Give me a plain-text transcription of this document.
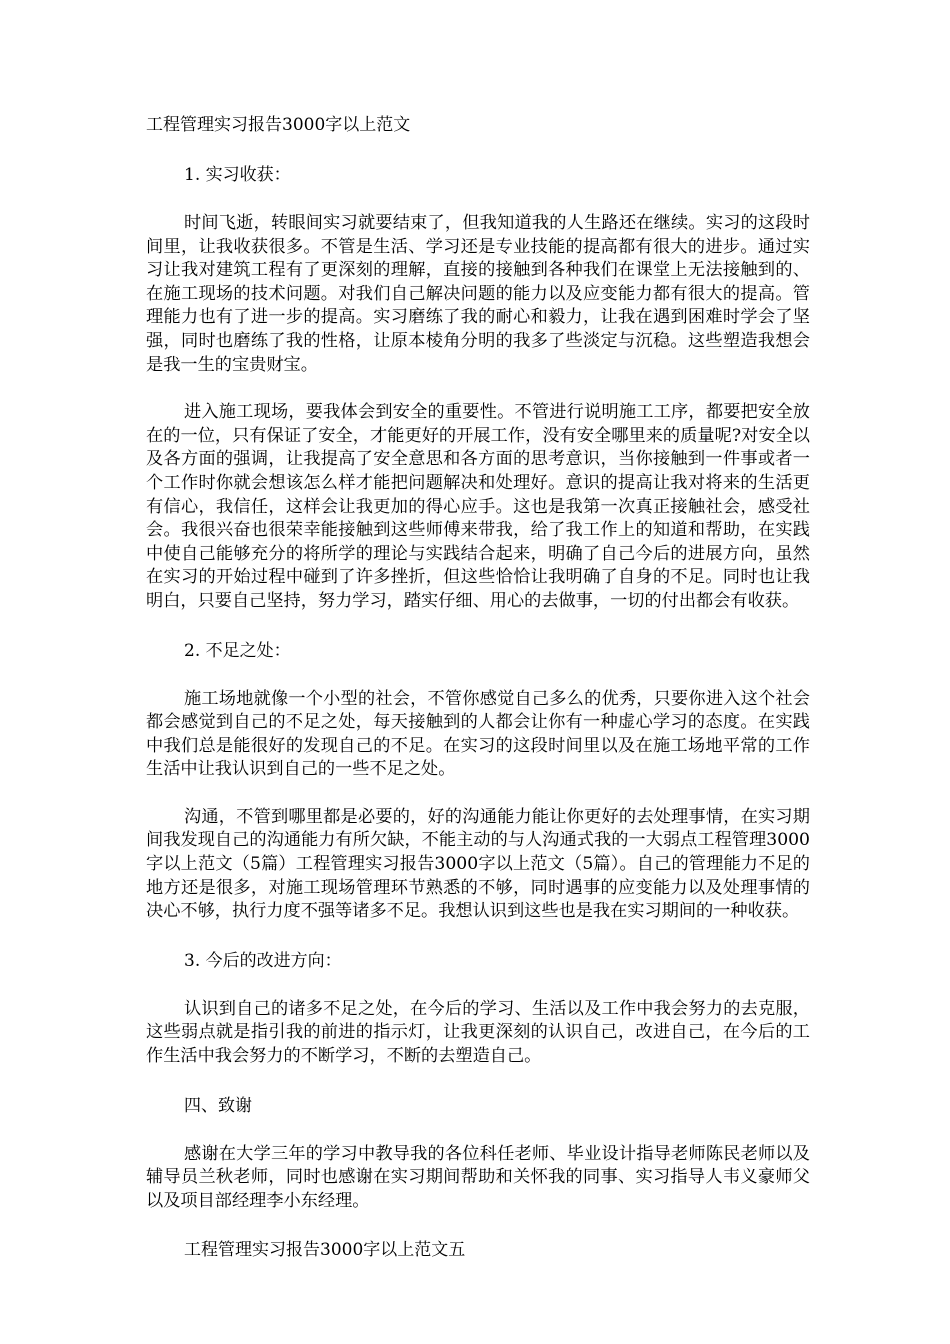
工程管理实习报告3000字以上范文
1. 实习收获：

时间飞逝，转眼间实习就要结束了，但我知道我的人生路还在继续。实习的这段时间里，让我收获很多。不管是生活、学习还是专业技能的提高都有很大的进步。通过实习让我对建筑工程有了更深刻的理解，直接的接触到各种我们在课堂上无法接触到的、在施工现场的技术问题。对我们自己解决问题的能力以及应变能力都有很大的提高。管理能力也有了进一步的提高。实习磨练了我的耐心和毅力，让我在遇到困难时学会了坚强，同时也磨练了我的性格，让原本棱角分明的我多了些淡定与沉稳。这些塑造我想会是我一生的宝贵财宝。

进入施工现场，要我体会到安全的重要性。不管进行说明施工工序，都要把安全放在的一位，只有保证了安全，才能更好的开展工作，没有安全哪里来的质量呢?对安全以及各方面的强调，让我提高了安全意思和各方面的思考意识，当你接触到一件事或者一个工作时你就会想该怎么样才能把问题解决和处理好。意识的提高让我对将来的生活更有信心，我信任，这样会让我更加的得心应手。这也是我第一次真正接触社会，感受社会。我很兴奋也很荣幸能接触到这些师傅来带我，给了我工作上的知道和帮助，在实践中使自己能够充分的将所学的理论与实践结合起来，明确了自己今后的进展方向，虽然在实习的开始过程中碰到了许多挫折，但这些恰恰让我明确了自身的不足。同时也让我明白，只要自己坚持，努力学习，踏实仔细、用心的去做事，一切的付出都会有收获。

2. 不足之处：

施工场地就像一个小型的社会，不管你感觉自己多么的优秀，只要你进入这个社会都会感觉到自己的不足之处，每天接触到的人都会让你有一种虚心学习的态度。在实践中我们总是能很好的发现自己的不足。在实习的这段时间里以及在施工场地平常的工作生活中让我认识到自己的一些不足之处。

沟通，不管到哪里都是必要的，好的沟通能力能让你更好的去处理事情，在实习期间我发现自己的沟通能力有所欠缺，不能主动的与人沟通式我的一大弱点工程管理3000字以上范文（5篇）工程管理实习报告3000字以上范文（5篇）。自己的管理能力不足的地方还是很多，对施工现场管理环节熟悉的不够，同时遇事的应变能力以及处理事情的决心不够，执行力度不强等诸多不足。我想认识到这些也是我在实习期间的一种收获。

3. 今后的改进方向：

认识到自己的诸多不足之处，在今后的学习、生活以及工作中我会努力的去克服，这些弱点就是指引我的前进的指示灯，让我更深刻的认识自己，改进自己，在今后的工作生活中我会努力的不断学习，不断的去塑造自己。

四、致谢

感谢在大学三年的学习中教导我的各位科任老师、毕业设计指导老师陈民老师以及辅导员兰秋老师，同时也感谢在实习期间帮助和关怀我的同事、实习指导人韦义豪师父以及项目部经理李小东经理。

工程管理实习报告3000字以上范文五
